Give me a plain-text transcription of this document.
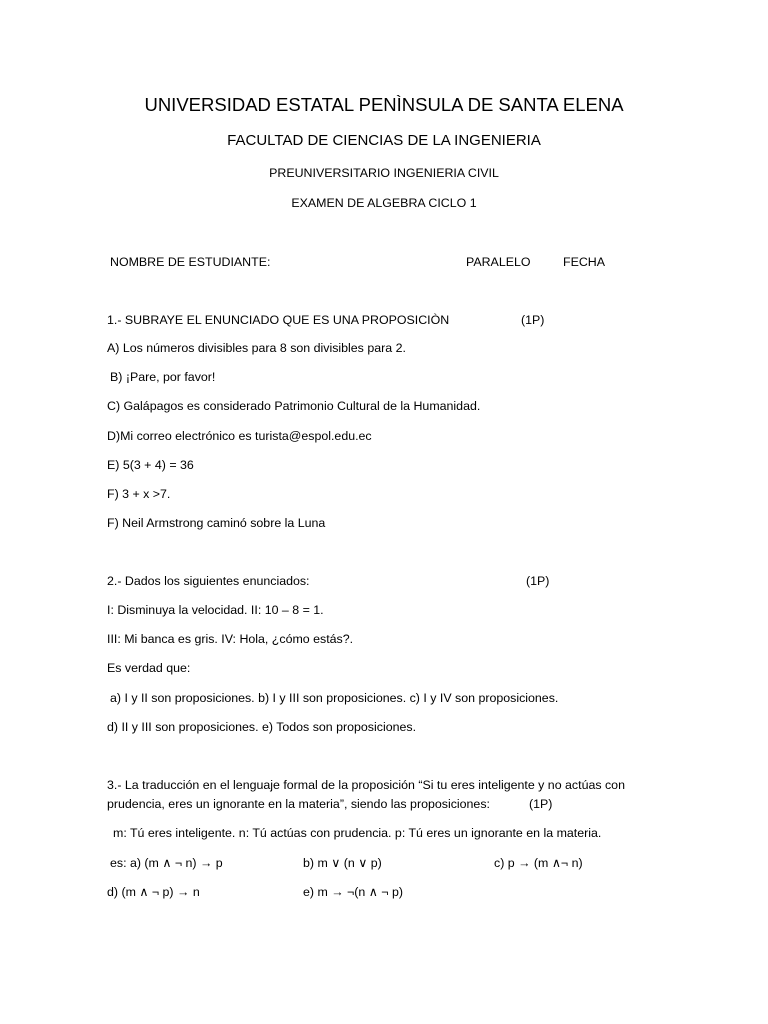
UNIVERSIDAD ESTATAL PENÌNSULA DE SANTA ELENA
FACULTAD DE CIENCIAS DE LA INGENIERIA
PREUNIVERSITARIO INGENIERIA CIVIL
EXAMEN DE ALGEBRA CICLO 1
NOMBRE DE ESTUDIANTE:	PARALELO	FECHA
1.- SUBRAYE EL ENUNCIADO QUE ES UNA PROPOSICIÒN	(1P)
A) Los números divisibles para 8 son divisibles para 2.
B) ¡Pare, por favor!
C) Galápagos es considerado Patrimonio Cultural de la Humanidad.
D)Mi correo electrónico es turista@espol.edu.ec
E) 5(3 + 4) = 36
F) 3 + x >7.
F) Neil Armstrong caminó sobre la Luna
2.- Dados los siguientes enunciados:	(1P)
I: Disminuya la velocidad. II: 10 – 8 = 1.
III: Mi banca es gris. IV: Hola, ¿cómo estás?.
Es verdad que:
a) I y II son proposiciones. b) I y III son proposiciones. c) I y IV son proposiciones.
d) II y III son proposiciones. e) Todos son proposiciones.
3.- La traducción en el lenguaje formal de la proposición “Si tu eres inteligente y no actúas con
prudencia, eres un ignorante en la materia”, siendo las proposiciones:	(1P)
m: Tú eres inteligente. n: Tú actúas con prudencia. p: Tú eres un ignorante en la materia.
es: a) (m ∧ ¬ n) → p	b) m ∨ (n ∨ p)	c) p → (m ∧¬ n)
d) (m ∧ ¬ p) → n	e) m → ¬(n ∧ ¬ p)
